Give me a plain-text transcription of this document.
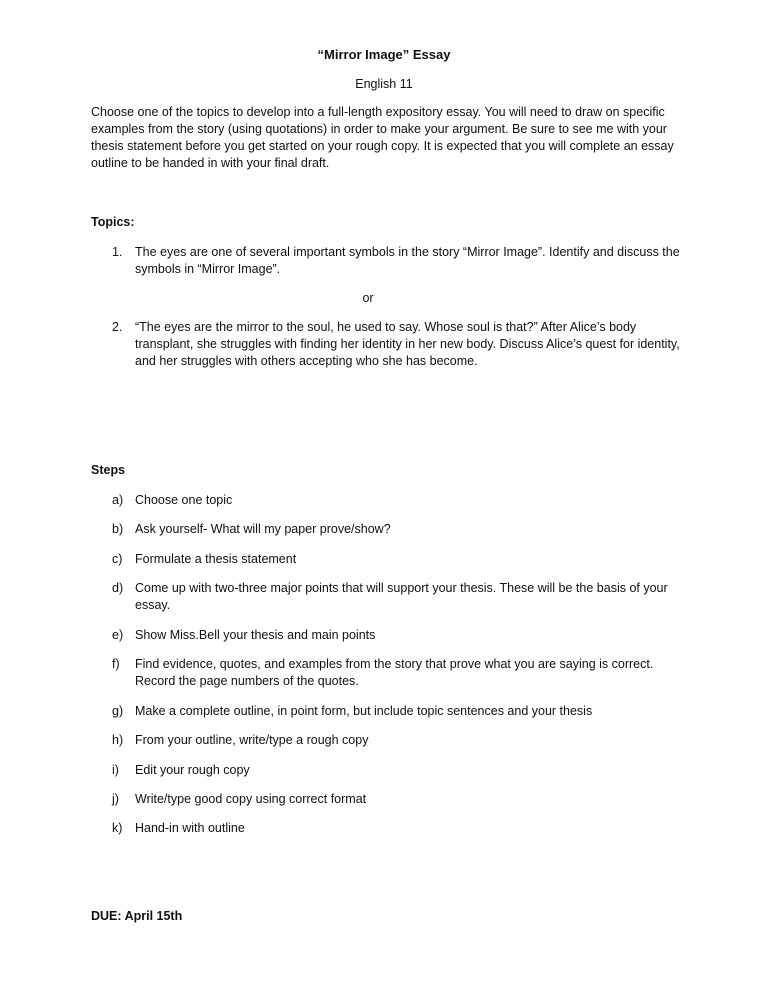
“Mirror Image” Essay
English 11
Choose one of the topics to develop into a full-length expository essay. You will need to draw on specific examples from the story (using quotations) in order to make your argument. Be sure to see me with your thesis statement before you get started on your rough copy. It is expected that you will complete an essay outline to be handed in with your final draft.
Topics:
1. The eyes are one of several important symbols in the story “Mirror Image”. Identify and discuss the symbols in “Mirror Image”.
or
2. “The eyes are the mirror to the soul, he used to say. Whose soul is that?” After Alice’s body transplant, she struggles with finding her identity in her new body. Discuss Alice’s quest for identity, and her struggles with others accepting who she has become.
Steps
a) Choose one topic
b) Ask yourself- What will my paper prove/show?
c) Formulate a thesis statement
d) Come up with two-three major points that will support your thesis. These will be the basis of your essay.
e) Show Miss.Bell your thesis and main points
f) Find evidence, quotes, and examples from the story that prove what you are saying is correct. Record the page numbers of the quotes.
g) Make a complete outline, in point form, but include topic sentences and your thesis
h) From your outline, write/type a rough copy
i) Edit your rough copy
j) Write/type good copy using correct format
k) Hand-in with outline
DUE: April 15th
